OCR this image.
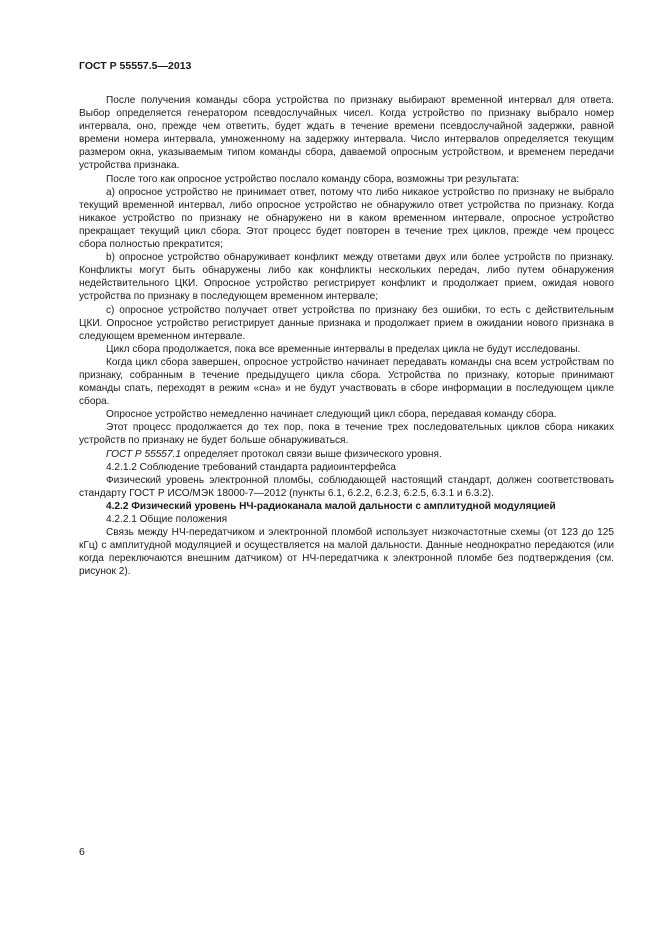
ГОСТ Р 55557.5—2013

После получения команды сбора устройства по признаку выбирают временной интервал для ответа. Выбор определяется генератором псевдослучайных чисел. Когда устройство по признаку выбрало номер интервала, оно, прежде чем ответить, будет ждать в течение времени псевдослучайной задержки, равной времени номера интервала, умноженному на задержку интервала. Число интервалов определяется текущим размером окна, указываемым типом команды сбора, даваемой опросным устройством, и временем передачи устройства признака.

После того как опросное устройство послало команду сбора, возможны три результата:

a) опросное устройство не принимает ответ, потому что либо никакое устройство по признаку не выбрало текущий временной интервал, либо опросное устройство не обнаружило ответ устройства по признаку. Когда никакое устройство по признаку не обнаружено ни в каком временном интервале, опросное устройство прекращает текущий цикл сбора. Этот процесс будет повторен в течение трех циклов, прежде чем процесс сбора полностью прекратится;

b) опросное устройство обнаруживает конфликт между ответами двух или более устройств по признаку. Конфликты могут быть обнаружены либо как конфликты нескольких передач, либо путем обнаружения недействительного ЦКИ. Опросное устройство регистрирует конфликт и продолжает прием, ожидая нового устройства по признаку в последующем временном интервале;

c) опросное устройство получает ответ устройства по признаку без ошибки, то есть с действительным ЦКИ. Опросное устройство регистрирует данные признака и продолжает прием в ожидании нового признака в следующем временном интервале.

Цикл сбора продолжается, пока все временные интервалы в пределах цикла не будут исследованы.

Когда цикл сбора завершен, опросное устройство начинает передавать команды сна всем устройствам по признаку, собранным в течение предыдущего цикла сбора. Устройства по признаку, которые принимают команды спать, переходят в режим «сна» и не будут участвовать в сборе информации в последующем цикле сбора.

Опросное устройство немедленно начинает следующий цикл сбора, передавая команду сбора.

Этот процесс продолжается до тех пор, пока в течение трех последовательных циклов сбора никаких устройств по признаку не будет больше обнаруживаться.

ГОСТ Р 55557.1 определяет протокол связи выше физического уровня.

4.2.1.2 Соблюдение требований стандарта радиоинтерфейса

Физический уровень электронной пломбы, соблюдающей настоящий стандарт, должен соответствовать стандарту ГОСТ Р ИСО/МЭК 18000-7—2012 (пункты 6.1, 6.2.2, 6.2.3, 6.2.5, 6.3.1 и 6.3.2).

4.2.2 Физический уровень НЧ-радиоканала малой дальности с амплитудной модуляцией

4.2.2.1 Общие положения

Связь между НЧ-передатчиком и электронной пломбой использует низкочастотные схемы (от 123 до 125 кГц) с амплитудной модуляцией и осуществляется на малой дальности. Данные неоднократно передаются (или когда переключаются внешним датчиком) от НЧ-передатчика к электронной пломбе без подтверждения (см. рисунок 2).

6
